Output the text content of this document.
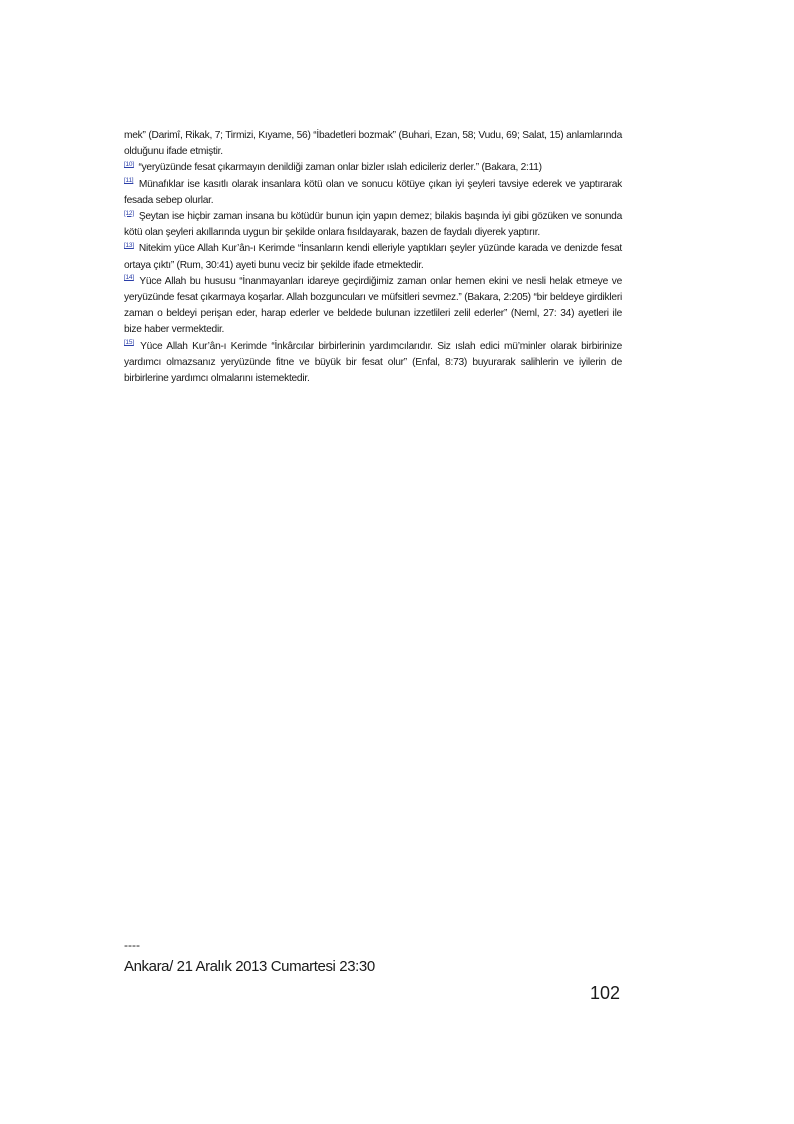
mek” (Darimî, Rikak, 7; Tirmizi, Kıyame, 56) “İbadetleri bozmak” (Buhari, Ezan, 58; Vudu, 69; Salat, 15) anlamlarında olduğunu ifade etmiştir.

[10] “yeryüzünde fesat çıkarmayın denildiği zaman onlar bizler ıslah edicileriz derler.” (Bakara, 2:11)

[11] Münafıklar ise kasıtlı olarak insanlara kötü olan ve sonucu kötüye çıkan iyi şeyleri tavsiye ederek ve yaptırarak fesada sebep olurlar.

[12] Şeytan ise hiçbir zaman insana bu kötüdür bunun için yapın demez; bilakis başında iyi gibi gözüken ve sonunda kötü olan şeyleri akıllarında uygun bir şekilde onlara fısıldayarak, bazen de faydalı diyerek yaptırır.

[13] Nitekim yüce Allah Kur’ân-ı Kerimde “İnsanların kendi elleriyle yaptıkları şeyler yüzünde karada ve denizde fesat ortaya çıktı” (Rum, 30:41) ayeti bunu veciz bir şekilde ifade etmektedir.

[14] Yüce Allah bu hususu “İnanmayanları idareye geçirdiğimiz zaman onlar hemen ekini ve nesli helak etmeye ve yeryüzünde fesat çıkarmaya koşarlar. Allah bozguncuları ve müfsitleri sevmez.” (Bakara, 2:205) “bir beldeye girdikleri zaman o beldeyi perişan eder, harap ederler ve beldede bulunan izzetlileri zelil ederler” (Neml, 27: 34) ayetleri ile bize haber vermektedir.

[15] Yüce Allah Kur’ân-ı Kerimde “İnkârcılar birbirlerinin yardımcılarıdır. Siz ıslah edici mü’minler olarak birbirinize yardımcı olmazsanız yeryüzünde fitne ve büyük bir fesat olur” (Enfal, 8:73) buyurarak salihlerin ve iyilerin de birbirlerine yardımcı olmalarını istemektedir.

----
Ankara/ 21 Aralık 2013 Cumartesi 23:30
102
